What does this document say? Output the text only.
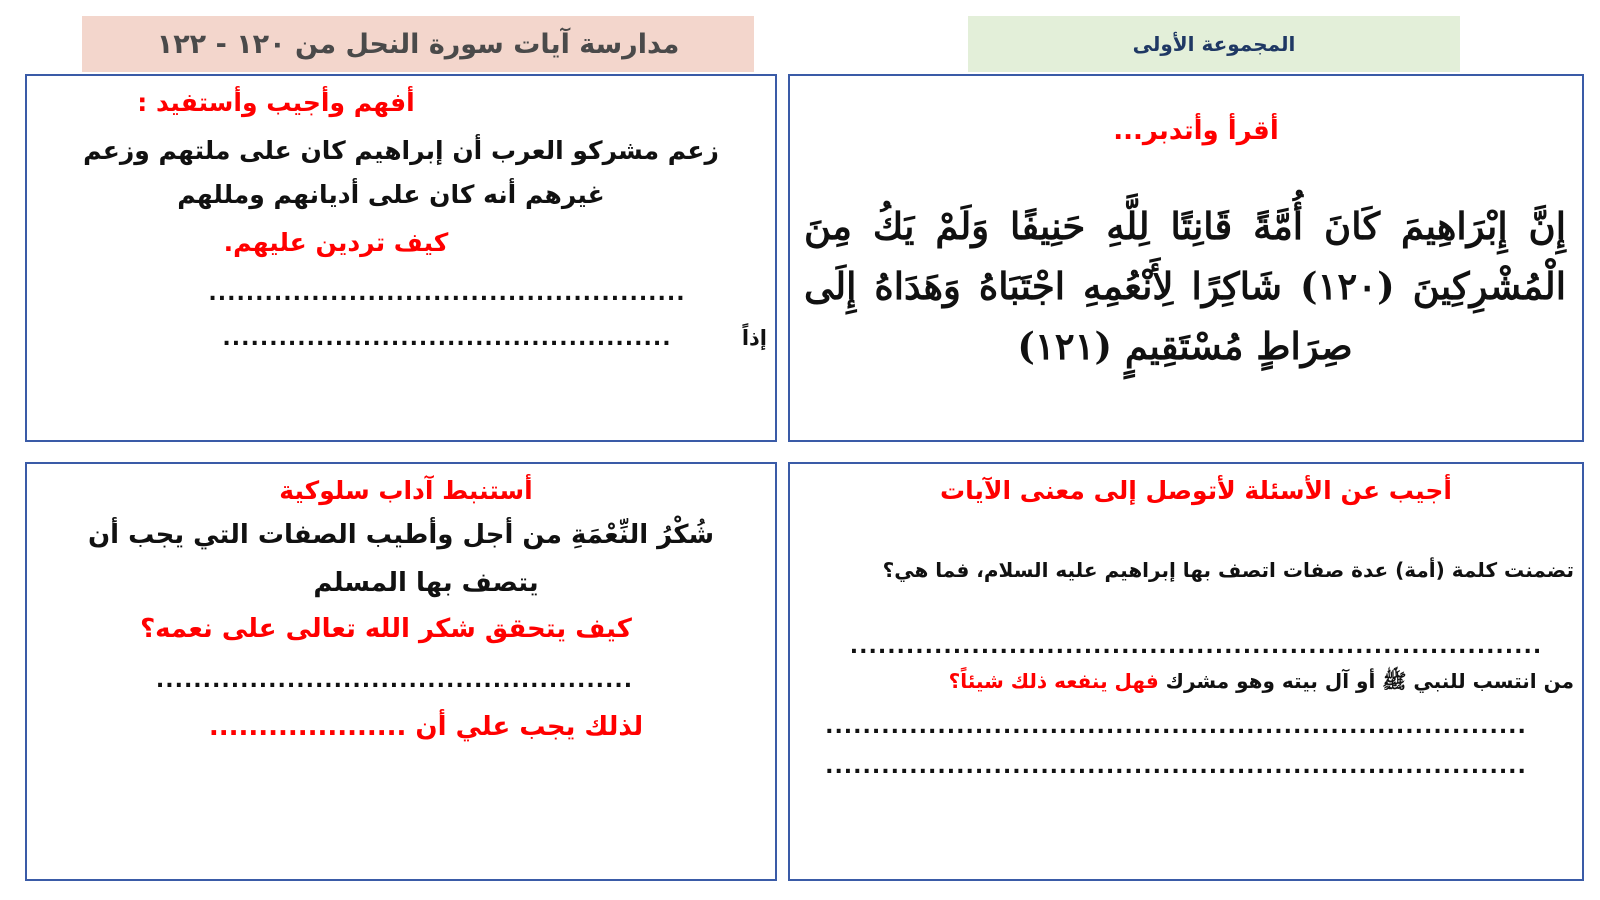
مدارسة آيات سورة النحل من ١٢٠ - ١٢٢	المجموعة الأولى
أفهم وأجيب وأستفيد :
زعم مشركو العرب أن إبراهيم كان على ملتهم وزعم
غيرهم أنه كان على أديانهم ومللهم
كيف تردين عليهم.
...................................................
إذاً
................................................
أقرأ وأتدبر...
إِنَّ إِبْرَاهِيمَ كَانَ أُمَّةً قَانِتًا لِلَّهِ حَنِيفًا وَلَمْ يَكُ مِنَ الْمُشْرِكِينَ (١٢٠) شَاكِرًا لِأَنْعُمِهِ اجْتَبَاهُ وَهَدَاهُ إِلَى صِرَاطٍ مُسْتَقِيمٍ (١٢١)
أستنبط آداب سلوكية
شُكْرُ النِّعْمَةِ من أجل وأطيب الصفات التي يجب أن
يتصف بها المسلم
كيف يتحقق شكر الله تعالى على نعمه؟
...................................................
لذلك يجب علي أن ....................
أجيب عن الأسئلة لأتوصل إلى معنى الآيات
تضمنت كلمة (أمة) عدة صفات اتصف بها إبراهيم عليه السلام، فما هي؟
..........................................................................
من انتسب للنبي ﷺ أو آل بيته وهو مشرك فهل ينفعه ذلك شيئاً؟
...........................................................................
...........................................................................
